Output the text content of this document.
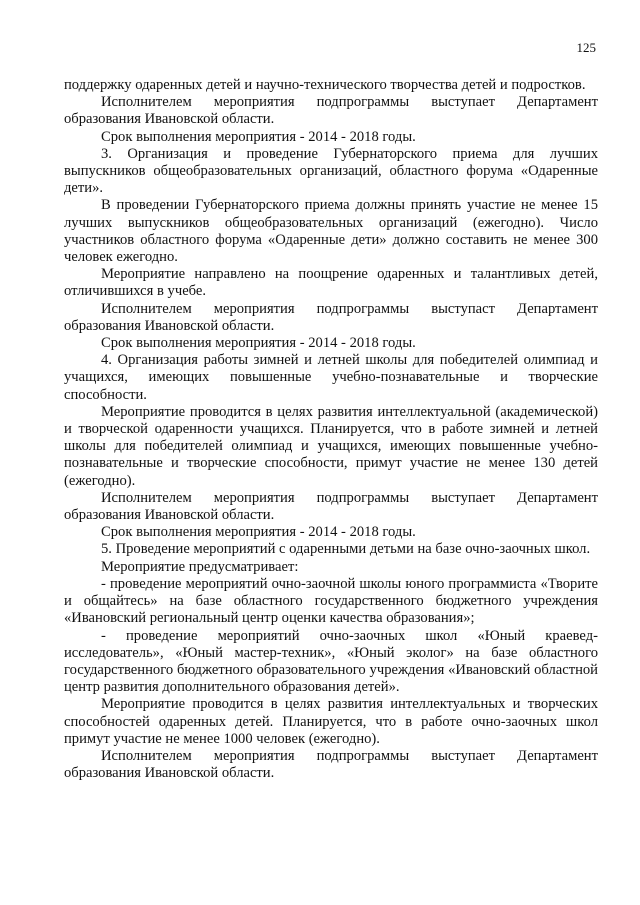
125

поддержку одаренных детей и научно-технического творчества детей и подростков.

Исполнителем мероприятия подпрограммы выступает Департамент образования Ивановской области.

Срок выполнения мероприятия - 2014 - 2018 годы.

3. Организация и проведение Губернаторского приема для лучших выпускников общеобразовательных организаций, областного форума «Одаренные дети».

В проведении Губернаторского приема должны принять участие не менее 15 лучших выпускников общеобразовательных организаций (ежегодно). Число участников областного форума «Одаренные дети» должно составить не менее 300 человек ежегодно.

Мероприятие направлено на поощрение одаренных и талантливых детей, отличившихся в учебе.

Исполнителем мероприятия подпрограммы выступаст Департамент образования Ивановской области.

Срок выполнения мероприятия - 2014 - 2018 годы.

4. Организация работы зимней и летней школы для победителей олимпиад и учащихся, имеющих повышенные учебно-познавательные и творческие способности.

Мероприятие проводится в целях развития интеллектуальной (академической) и творческой одаренности учащихся. Планируется, что в работе зимней и летней школы для победителей олимпиад и учащихся, имеющих повышенные учебно-познавательные и творческие способности, примут участие не менее 130 детей (ежегодно).

Исполнителем мероприятия подпрограммы выступает Департамент образования Ивановской области.

Срок выполнения мероприятия - 2014 - 2018 годы.

5. Проведение мероприятий с одаренными детьми на базе очно-заочных школ.

Мероприятие предусматривает:

- проведение мероприятий очно-заочной школы юного программиста «Творите и общайтесь» на базе областного государственного бюджетного учреждения «Ивановский региональный центр оценки качества образования»;

- проведение мероприятий очно-заочных школ «Юный краевед-исследователь», «Юный мастер-техник», «Юный эколог» на базе областного государственного бюджетного образовательного учреждения «Ивановский областной центр развития дополнительного образования детей».

Мероприятие проводится в целях развития интеллектуальных и творческих способностей одаренных детей. Планируется, что в работе очно-заочных школ примут участие не менее 1000 человек (ежегодно).

Исполнителем мероприятия подпрограммы выступает Департамент образования Ивановской области.
